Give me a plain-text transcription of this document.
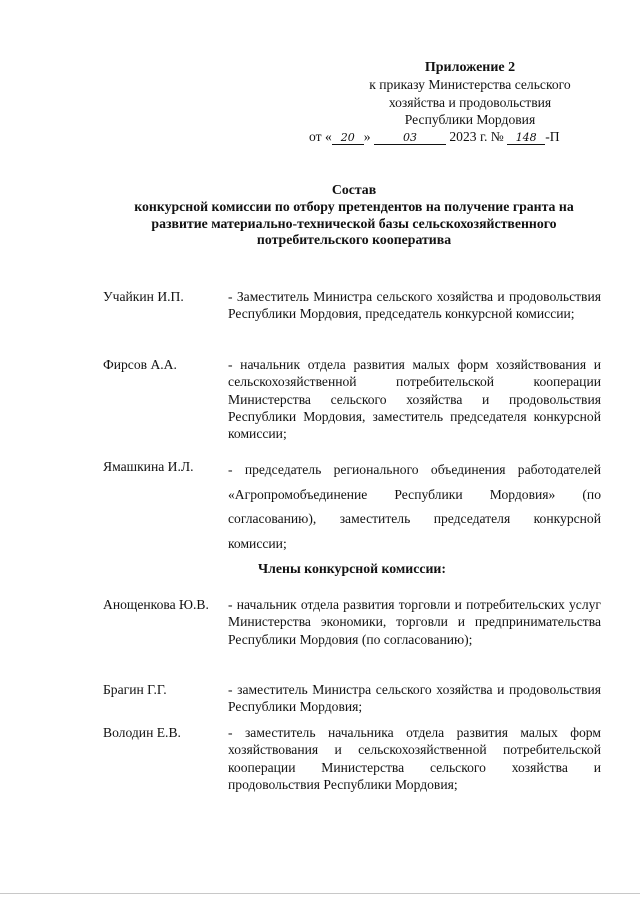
Приложение 2
к приказу Министерства сельского
хозяйства и продовольствия
Республики Мордовия
от « 20 »	03 2023 г. № 148 -П
Состав
конкурсной комиссии по отбору претендентов на получение гранта на
развитие материально-технической базы сельскохозяйственного
потребительского кооператива
Учайкин И.П.	- Заместитель Министра сельского хозяйства и продовольствия Республики Мордовия, председатель конкурсной комиссии;
Фирсов А.А.	- начальник отдела развития малых форм хозяйствования и сельскохозяйственной потребительской кооперации Министерства сельского хозяйства и продовольствия Республики Мордовия, заместитель председателя конкурсной комиссии;
Ямашкина И.Л.	- председатель регионального объединения работодателей «Агропромобъединение Республики Мордовия» (по согласованию), заместитель председателя конкурсной комиссии;
Члены конкурсной комиссии:
Анощенкова Ю.В. - начальник отдела развития торговли и потребительских услуг Министерства экономики, торговли и предпринимательства Республики Мордовия (по согласованию);
Брагин Г.Г.	- заместитель Министра сельского хозяйства и продовольствия Республики Мордовия;
Володин Е.В.	- заместитель начальника отдела развития малых форм хозяйствования и сельскохозяйственной потребительской кооперации Министерства сельского хозяйства и продовольствия Республики Мордовия;
